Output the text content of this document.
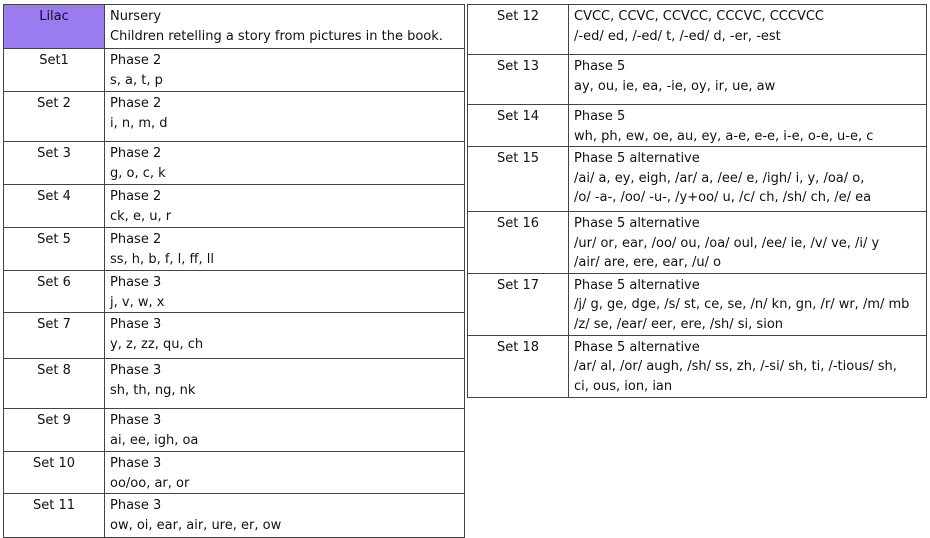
Lilac	Nursery
Children retelling a story from pictures in the book.

Set1	Phase 2
s, a, t, p

Set 2	Phase 2
i, n, m, d

Set 3	Phase 2
g, o, c, k

Set 4	Phase 2
ck, e, u, r

Set 5	Phase 2
ss, h, b, f, l, ff, ll

Set 6	Phase 3
j, v, w, x

Set 7	Phase 3
y, z, zz, qu, ch

Set 8	Phase 3
sh, th, ng, nk

Set 9	Phase 3
ai, ee, igh, oa

Set 10	Phase 3
oo/oo, ar, or

Set 11	Phase 3
ow, oi, ear, air, ure, er, ow
Set 12	CVCC, CCVC, CCVCC, CCCVC, CCCVCC
/-ed/ ed, /-ed/ t, /-ed/ d, -er, -est

Set 13	Phase 5
ay, ou, ie, ea, -ie, oy, ir, ue, aw

Set 14	Phase 5
wh, ph, ew, oe, au, ey, a-e, e-e, i-e, o-e, u-e, c

Set 15	Phase 5 alternative
/ai/ a, ey, eigh, /ar/ a, /ee/ e, /igh/ i, y, /oa/ o,
/o/ -a-, /oo/ -u-, /y+oo/ u, /c/ ch, /sh/ ch, /e/ ea

Set 16	Phase 5 alternative
/ur/ or, ear, /oo/ ou, /oa/ oul, /ee/ ie, /v/ ve, /i/ y
/air/ are, ere, ear, /u/ o

Set 17	Phase 5 alternative
/j/ g, ge, dge, /s/ st, ce, se, /n/ kn, gn, /r/ wr, /m/ mb
/z/ se, /ear/ eer, ere, /sh/ si, sion

Set 18	Phase 5 alternative
/ar/ al, /or/ augh, /sh/ ss, zh, /-si/ sh, ti, /-tious/ sh,
ci, ous, ion, ian
